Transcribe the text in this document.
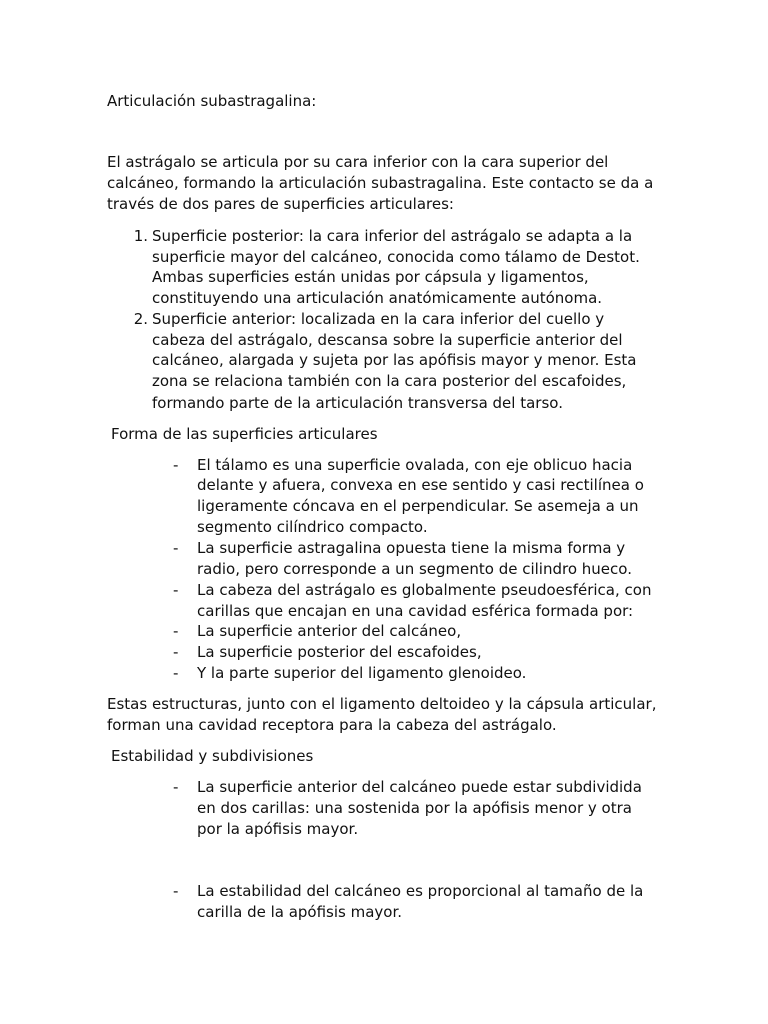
Articulación subastragalina:
El astrágalo se articula por su cara inferior con la cara superior del
calcáneo, formando la articulación subastragalina. Este contacto se da a
través de dos pares de superficies articulares:
1. Superficie posterior: la cara inferior del astrágalo se adapta a la
superficie mayor del calcáneo, conocida como tálamo de Destot.
Ambas superficies están unidas por cápsula y ligamentos,
constituyendo una articulación anatómicamente autónoma.
2. Superficie anterior: localizada en la cara inferior del cuello y
cabeza del astrágalo, descansa sobre la superficie anterior del
calcáneo, alargada y sujeta por las apófisis mayor y menor. Esta
zona se relaciona también con la cara posterior del escafoides,
formando parte de la articulación transversa del tarso.
Forma de las superficies articulares
- El tálamo es una superficie ovalada, con eje oblicuo hacia
delante y afuera, convexa en ese sentido y casi rectilínea o
ligeramente cóncava en el perpendicular. Se asemeja a un
segmento cilíndrico compacto.
- La superficie astragalina opuesta tiene la misma forma y
radio, pero corresponde a un segmento de cilindro hueco.
- La cabeza del astrágalo es globalmente pseudoesférica, con
carillas que encajan en una cavidad esférica formada por:
- La superficie anterior del calcáneo,
- La superficie posterior del escafoides,
- Y la parte superior del ligamento glenoideo.
Estas estructuras, junto con el ligamento deltoideo y la cápsula articular,
forman una cavidad receptora para la cabeza del astrágalo.
Estabilidad y subdivisiones
- La superficie anterior del calcáneo puede estar subdividida
en dos carillas: una sostenida por la apófisis menor y otra
por la apófisis mayor.
- La estabilidad del calcáneo es proporcional al tamaño de la
carilla de la apófisis mayor.
